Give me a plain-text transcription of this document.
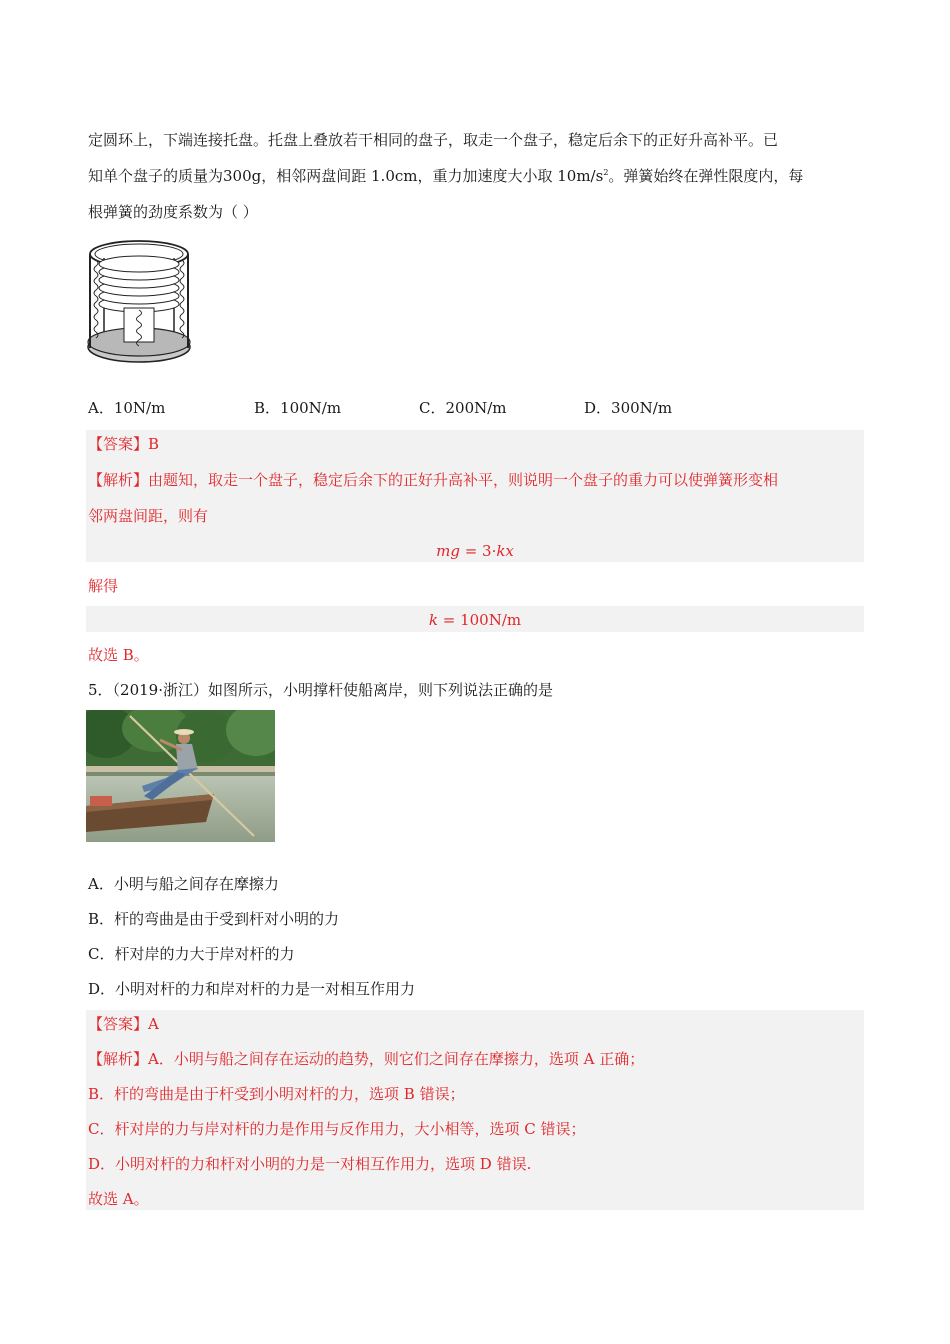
定圆环上，下端连接托盘。托盘上叠放若干相同的盘子，取走一个盘子，稳定后余下的正好升高补平。已
知单个盘子的质量为300g，相邻两盘间距 1.0cm，重力加速度大小取 $10m/s^2$。弹簧始终在弹性限度内，每
根弹簧的劲度系数为（ ）
A．10N/m	B．100N/m	C．200N/m	D．300N/m
【答案】B
【解析】由题知，取走一个盘子，稳定后余下的正好升高补平，则说明一个盘子的重力可以使弹簧形变相
邻两盘间距，则有
mg = 3·kx
解得
k = 100N/m
故选 B。
5．（2019·浙江）如图所示，小明撑杆使船离岸，则下列说法正确的是
A．小明与船之间存在摩擦力
B．杆的弯曲是由于受到杆对小明的力
C．杆对岸的力大于岸对杆的力
D．小明对杆的力和岸对杆的力是一对相互作用力
【答案】A
【解析】A．小明与船之间存在运动的趋势，则它们之间存在摩擦力，选项 A 正确；
B．杆的弯曲是由于杆受到小明对杆的力，选项 B 错误；
C．杆对岸的力与岸对杆的力是作用与反作用力，大小相等，选项 C 错误；
D．小明对杆的力和杆对小明的力是一对相互作用力，选项 D 错误.
故选 A。
